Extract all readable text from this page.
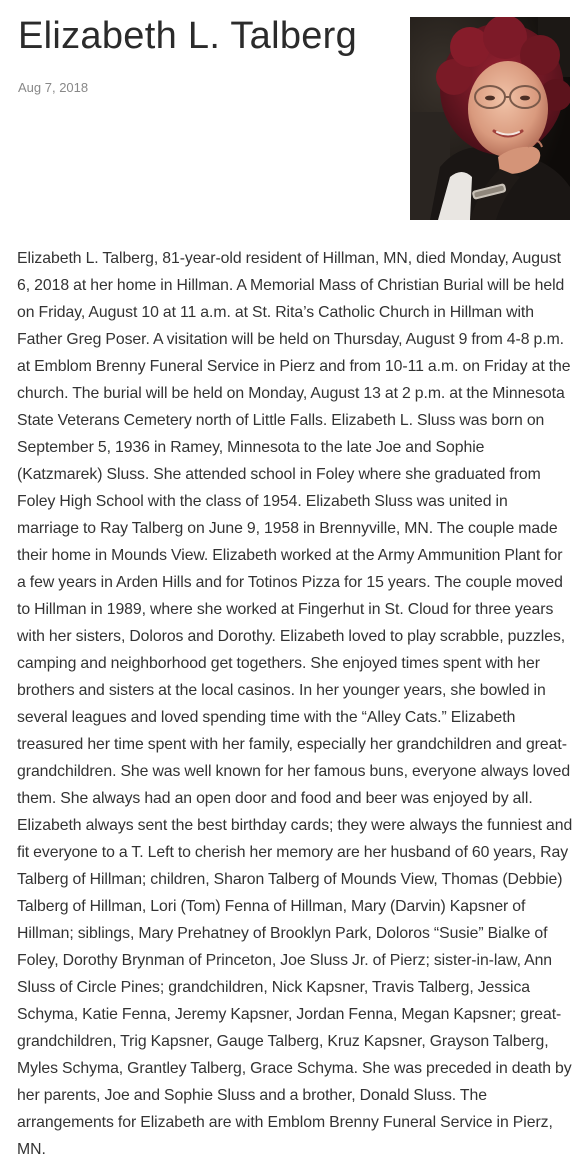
Elizabeth L. Talberg
Aug 7, 2018

Elizabeth L. Talberg, 81-year-old resident of Hillman, MN, died Monday, August 6, 2018 at her home in Hillman. A Memorial Mass of Christian Burial will be held on Friday, August 10 at 11 a.m. at St. Rita’s Catholic Church in Hillman with Father Greg Poser. A visitation will be held on Thursday, August 9 from 4-8 p.m. at Emblom Brenny Funeral Service in Pierz and from 10-11 a.m. on Friday at the church. The burial will be held on Monday, August 13 at 2 p.m. at the Minnesota State Veterans Cemetery north of Little Falls. Elizabeth L. Sluss was born on September 5, 1936 in Ramey, Minnesota to the late Joe and Sophie (Katzmarek) Sluss. She attended school in Foley where she graduated from Foley High School with the class of 1954. Elizabeth Sluss was united in marriage to Ray Talberg on June 9, 1958 in Brennyville, MN. The couple made their home in Mounds View. Elizabeth worked at the Army Ammunition Plant for a few years in Arden Hills and for Totinos Pizza for 15 years. The couple moved to Hillman in 1989, where she worked at Fingerhut in St. Cloud for three years with her sisters, Doloros and Dorothy. Elizabeth loved to play scrabble, puzzles, camping and neighborhood get togethers. She enjoyed times spent with her brothers and sisters at the local casinos. In her younger years, she bowled in several leagues and loved spending time with the “Alley Cats.” Elizabeth treasured her time spent with her family, especially her grandchildren and great-grandchildren. She was well known for her famous buns, everyone always loved them. She always had an open door and food and beer was enjoyed by all. Elizabeth always sent the best birthday cards; they were always the funniest and fit everyone to a T. Left to cherish her memory are her husband of 60 years, Ray Talberg of Hillman; children, Sharon Talberg of Mounds View, Thomas (Debbie) Talberg of Hillman, Lori (Tom) Fenna of Hillman, Mary (Darvin) Kapsner of Hillman; siblings, Mary Prehatney of Brooklyn Park, Doloros “Susie” Bialke of Foley, Dorothy Brynman of Princeton, Joe Sluss Jr. of Pierz; sister-in-law, Ann Sluss of Circle Pines; grandchildren, Nick Kapsner, Travis Talberg, Jessica Schyma, Katie Fenna, Jeremy Kapsner, Jordan Fenna, Megan Kapsner; great-grandchildren, Trig Kapsner, Gauge Talberg, Kruz Kapsner, Grayson Talberg, Myles Schyma, Grantley Talberg, Grace Schyma. She was preceded in death by her parents, Joe and Sophie Sluss and a brother, Donald Sluss. The arrangements for Elizabeth are with Emblom Brenny Funeral Service in Pierz, MN.
